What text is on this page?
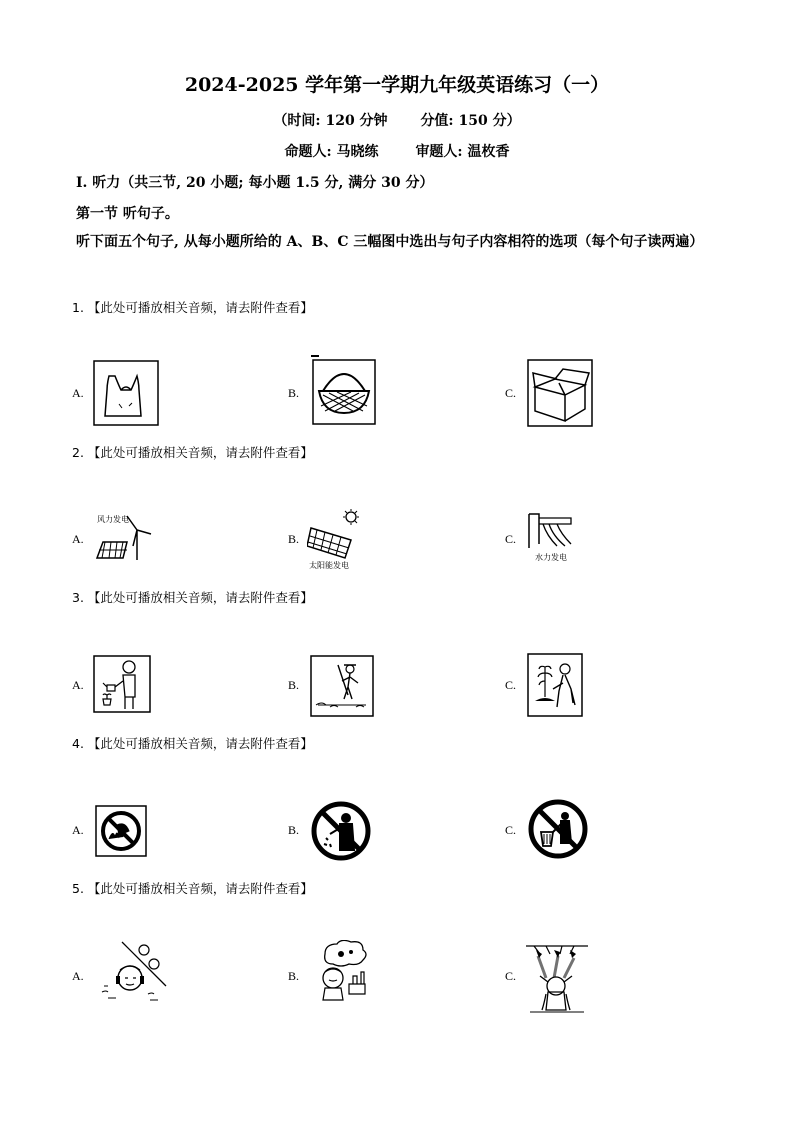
2024-2025 学年第一学期九年级英语练习（一）
（时间: 120 分钟 分值: 150 分）
命题人: 马晓练	审题人: 温枚香
I. 听力（共三节, 20 小题; 每小题 1.5 分, 满分 30 分）
第一节 听句子。
听下面五个句子, 从每小题所给的 A、B、C 三幅图中选出与句子内容相符的选项（每个句子读两遍）
1. 【此处可播放相关音频，请去附件查看】
A.	B.	C.
2. 【此处可播放相关音频，请去附件查看】
A.	B.	C.
风力发电
太阳能发电
水力发电
3. 【此处可播放相关音频，请去附件查看】
A.	B.	C.
4. 【此处可播放相关音频，请去附件查看】
A.	B.	C.
5. 【此处可播放相关音频，请去附件查看】
A.	B.	C.
